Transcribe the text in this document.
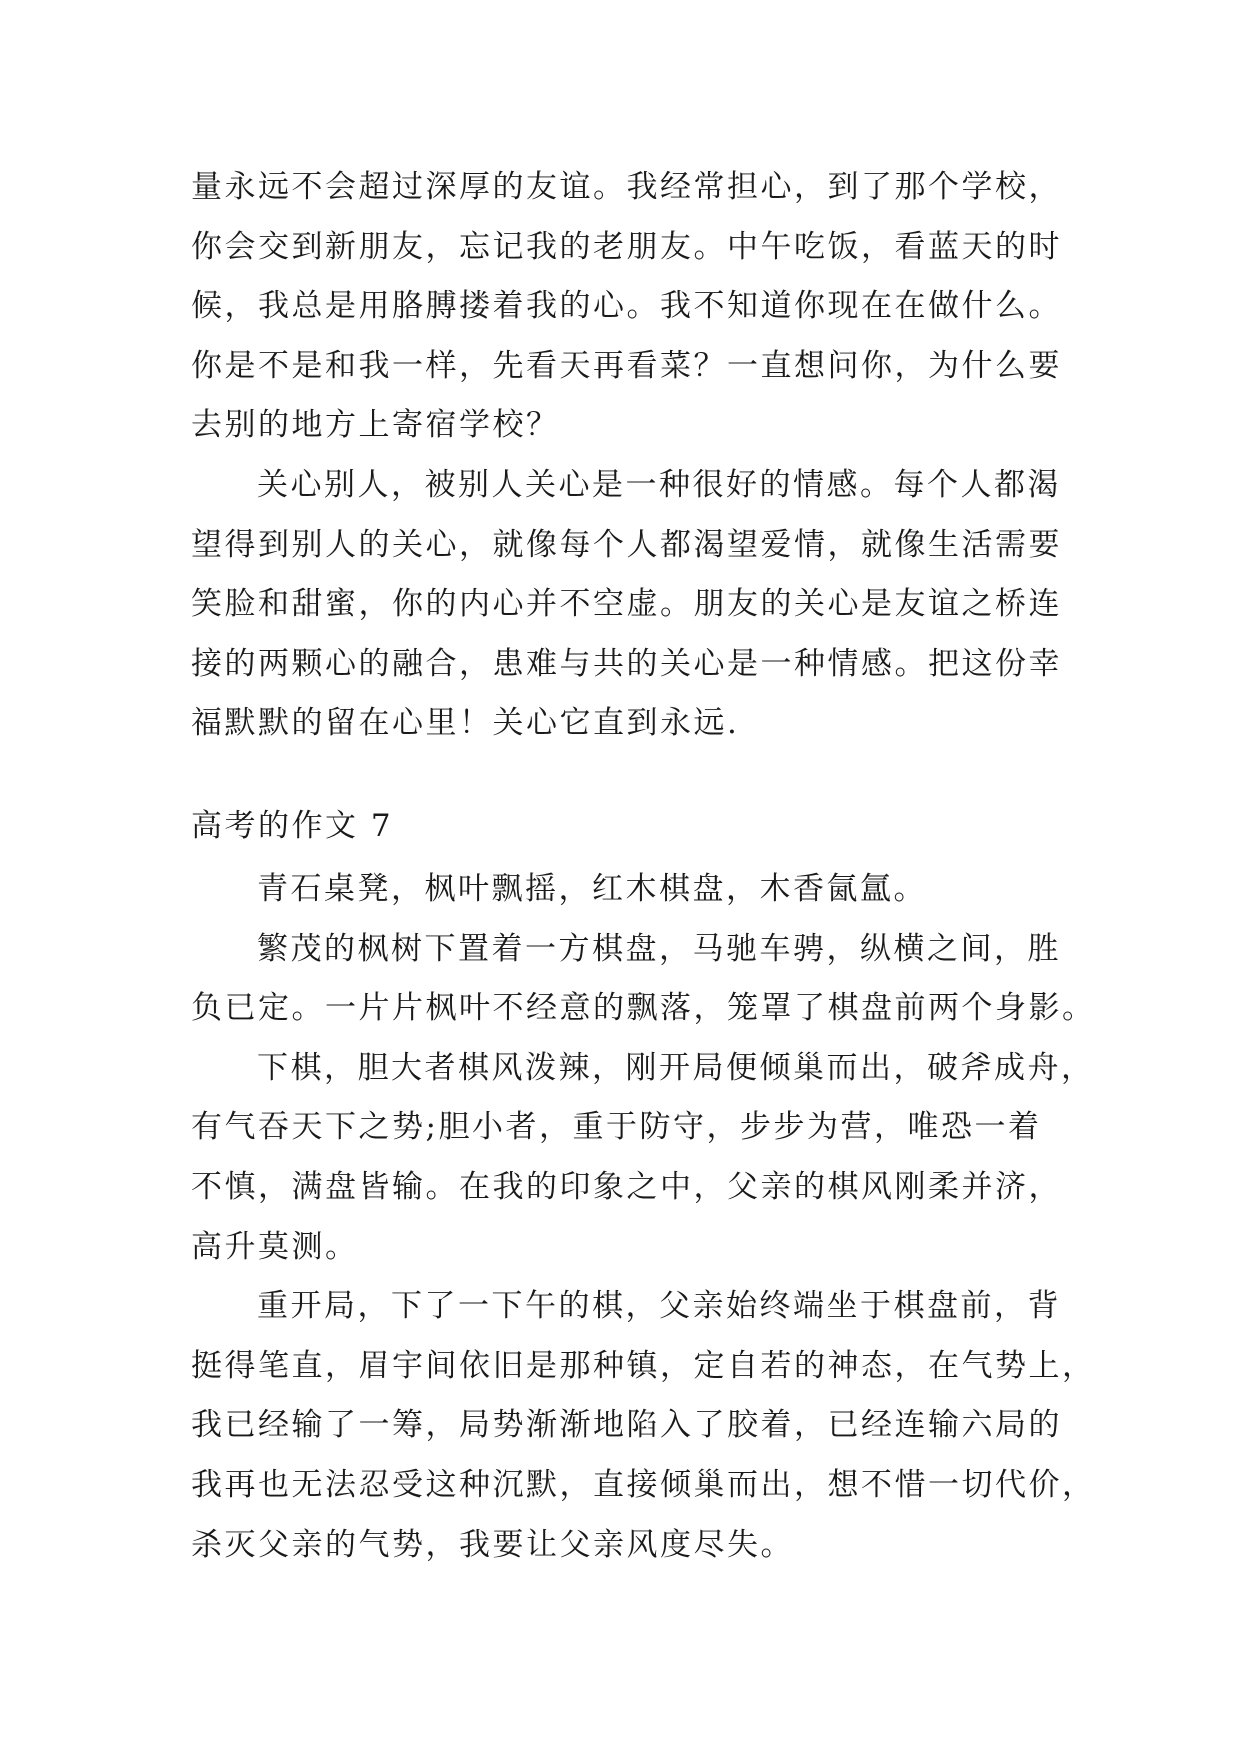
量永远不会超过深厚的友谊。我经常担心，到了那个学校，
你会交到新朋友，忘记我的老朋友。中午吃饭，看蓝天的时
候，我总是用胳膊搂着我的心。我不知道你现在在做什么。
你是不是和我一样，先看天再看菜？一直想问你，为什么要
去别的地方上寄宿学校？
关心别人，被别人关心是一种很好的情感。每个人都渴
望得到别人的关心，就像每个人都渴望爱情，就像生活需要
笑脸和甜蜜，你的内心并不空虚。朋友的关心是友谊之桥连
接的两颗心的融合，患难与共的关心是一种情感。把这份幸
福默默的留在心里！关心它直到永远.
高考的作文 7
青石桌凳，枫叶飘摇，红木棋盘，木香氤氲。
繁茂的枫树下置着一方棋盘，马驰车骋，纵横之间，胜
负已定。一片片枫叶不经意的飘落，笼罩了棋盘前两个身影。
下棋，胆大者棋风泼辣，刚开局便倾巢而出，破斧成舟，
有气吞天下之势;胆小者，重于防守，步步为营，唯恐一着
不慎，满盘皆输。在我的印象之中，父亲的棋风刚柔并济，
高升莫测。
重开局，下了一下午的棋，父亲始终端坐于棋盘前，背
挺得笔直，眉宇间依旧是那种镇，定自若的神态，在气势上，
我已经输了一筹，局势渐渐地陷入了胶着，已经连输六局的
我再也无法忍受这种沉默，直接倾巢而出，想不惜一切代价，
杀灭父亲的气势，我要让父亲风度尽失。
